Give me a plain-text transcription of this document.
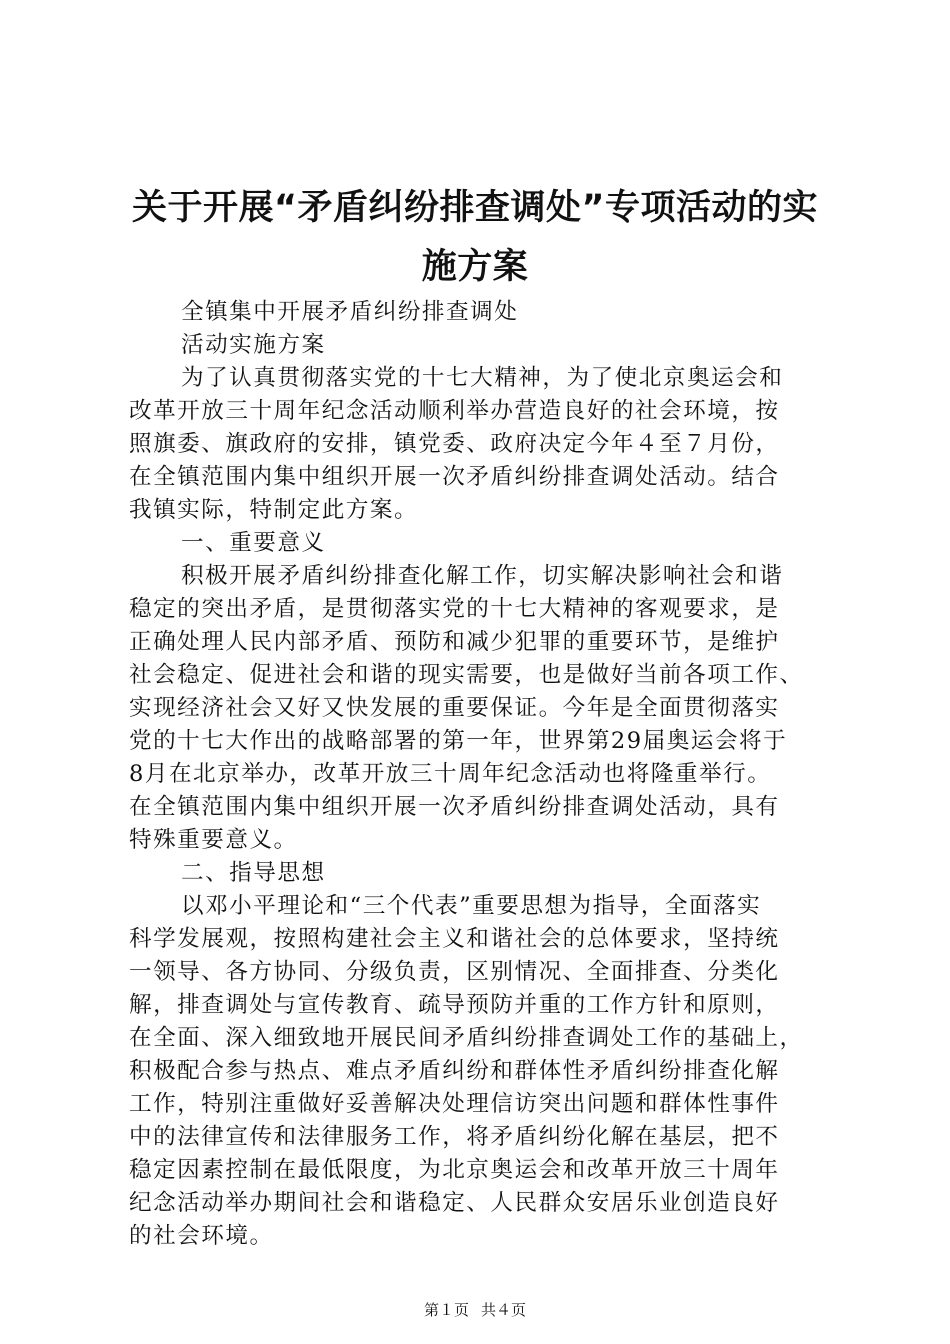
关于开展“矛盾纠纷排查调处”专项活动的实
施方案
全镇集中开展矛盾纠纷排查调处
活动实施方案
为了认真贯彻落实党的十七大精神，为了使北京奥运会和
改革开放三十周年纪念活动顺利举办营造良好的社会环境，按
照旗委、旗政府的安排，镇党委、政府决定今年４至７月份，
在全镇范围内集中组织开展一次矛盾纠纷排查调处活动。结合
我镇实际，特制定此方案。
一、重要意义
积极开展矛盾纠纷排查化解工作，切实解决影响社会和谐
稳定的突出矛盾，是贯彻落实党的十七大精神的客观要求，是
正确处理人民内部矛盾、预防和减少犯罪的重要环节，是维护
社会稳定、促进社会和谐的现实需要，也是做好当前各项工作、
实现经济社会又好又快发展的重要保证。今年是全面贯彻落实
党的十七大作出的战略部署的第一年，世界第29届奥运会将于
8月在北京举办，改革开放三十周年纪念活动也将隆重举行。
在全镇范围内集中组织开展一次矛盾纠纷排查调处活动，具有
特殊重要意义。
二、指导思想
以邓小平理论和“三个代表”重要思想为指导，全面落实
科学发展观，按照构建社会主义和谐社会的总体要求，坚持统
一领导、各方协同、分级负责，区别情况、全面排查、分类化
解，排查调处与宣传教育、疏导预防并重的工作方针和原则，
在全面、深入细致地开展民间矛盾纠纷排查调处工作的基础上，
积极配合参与热点、难点矛盾纠纷和群体性矛盾纠纷排查化解
工作，特别注重做好妥善解决处理信访突出问题和群体性事件
中的法律宣传和法律服务工作，将矛盾纠纷化解在基层，把不
稳定因素控制在最低限度，为北京奥运会和改革开放三十周年
纪念活动举办期间社会和谐稳定、人民群众安居乐业创造良好
的社会环境。
第１页 共４页
